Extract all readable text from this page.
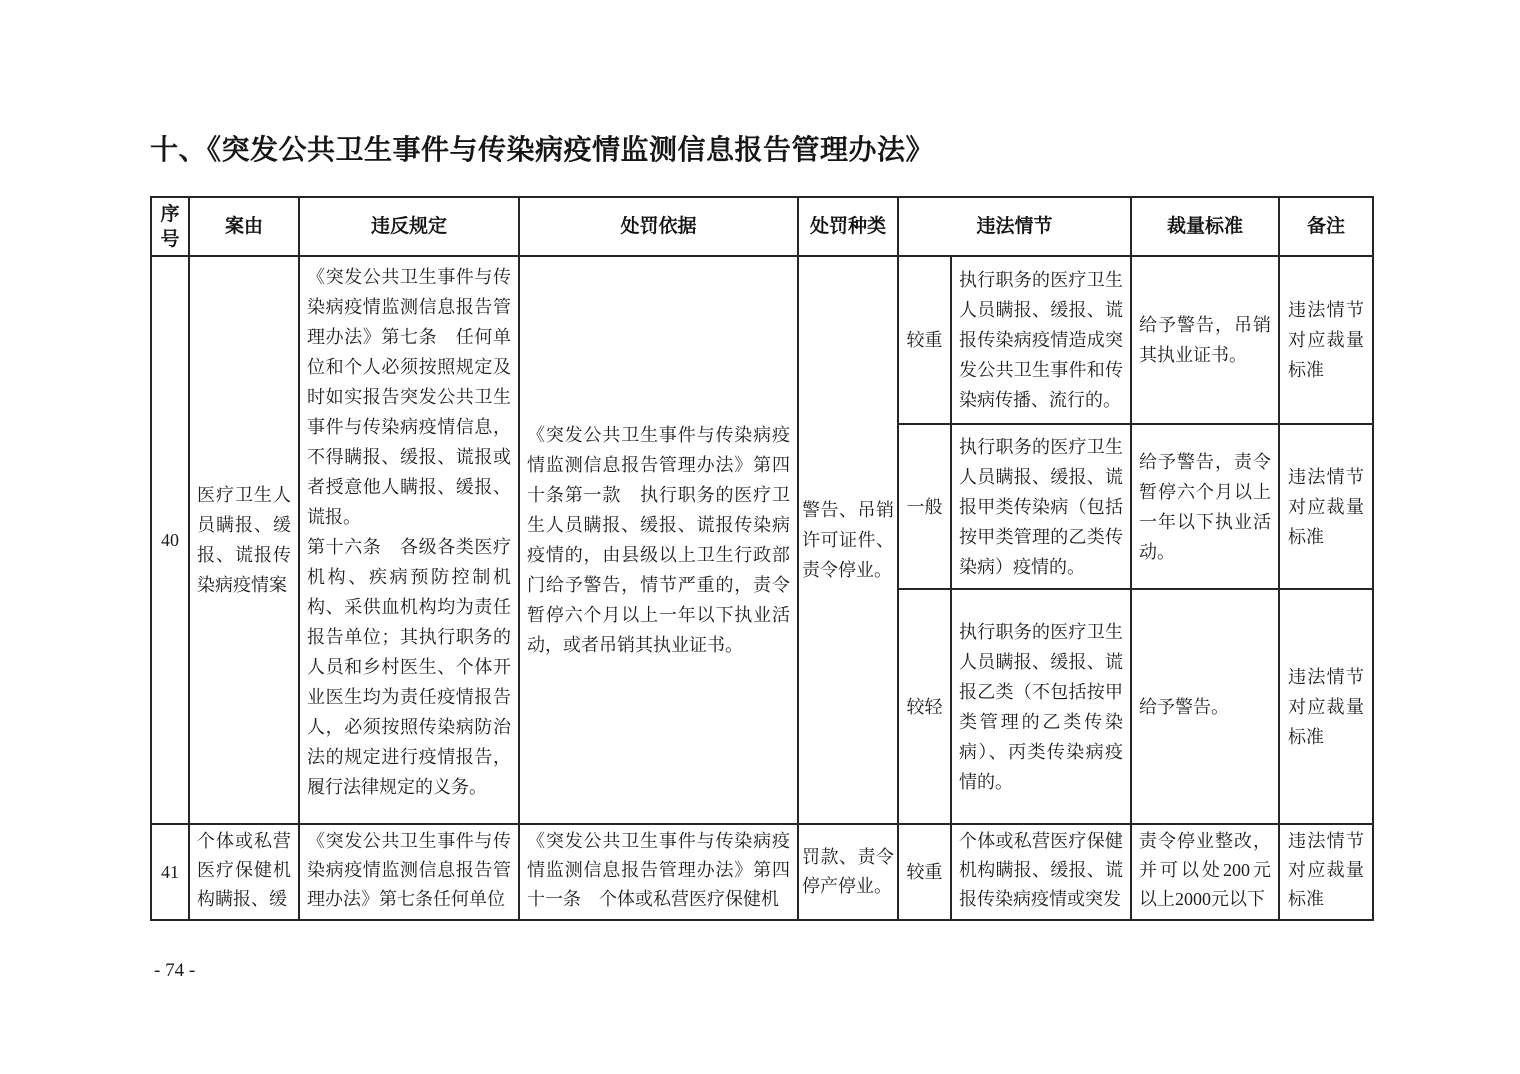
十、《突发公共卫生事件与传染病疫情监测信息报告管理办法》
序号	案由	违反规定	处罚依据	处罚种类	违法情节		裁量标准	备注
40	医疗卫生人员瞒报、缓报、谎报传染病疫情案	《突发公共卫生事件与传染病疫情监测信息报告管理办法》第七条　任何单位和个人必须按照规定及时如实报告突发公共卫生事件与传染病疫情信息，不得瞒报、缓报、谎报或者授意他人瞒报、缓报、谎报。
第十六条　各级各类医疗机构、疾病预防控制机构、采供血机构均为责任报告单位；其执行职务的人员和乡村医生、个体开业医生均为责任疫情报告人，必须按照传染病防治法的规定进行疫情报告，履行法律规定的义务。	《突发公共卫生事件与传染病疫情监测信息报告管理办法》第四十条第一款　执行职务的医疗卫生人员瞒报、缓报、谎报传染病疫情的，由县级以上卫生行政部门给予警告，情节严重的，责令暂停六个月以上一年以下执业活动，或者吊销其执业证书。	警告、吊销许可证件、责令停业。	较重	执行职务的医疗卫生人员瞒报、缓报、谎报传染病疫情造成突发公共卫生事件和传染病传播、流行的。	给予警告，吊销其执业证书。	违法情节对应裁量标准
					一般	执行职务的医疗卫生人员瞒报、缓报、谎报甲类传染病（包括按甲类管理的乙类传染病）疫情的。	给予警告，责令暂停六个月以上一年以下执业活动。	违法情节对应裁量标准
					较轻	执行职务的医疗卫生人员瞒报、缓报、谎报乙类（不包括按甲类管理的乙类传染病）、丙类传染病疫情的。	给予警告。	违法情节对应裁量标准
41	个体或私营医疗保健机构瞒报、缓	《突发公共卫生事件与传染病疫情监测信息报告管理办法》第七条任何单位	《突发公共卫生事件与传染病疫情监测信息报告管理办法》第四十一条　个体或私营医疗保健机	罚款、责令停产停业。	较重	个体或私营医疗保健机构瞒报、缓报、谎报传染病疫情或突发	责令停业整改，并可以处200元以上2000元以下	违法情节对应裁量标准
- 74 -
